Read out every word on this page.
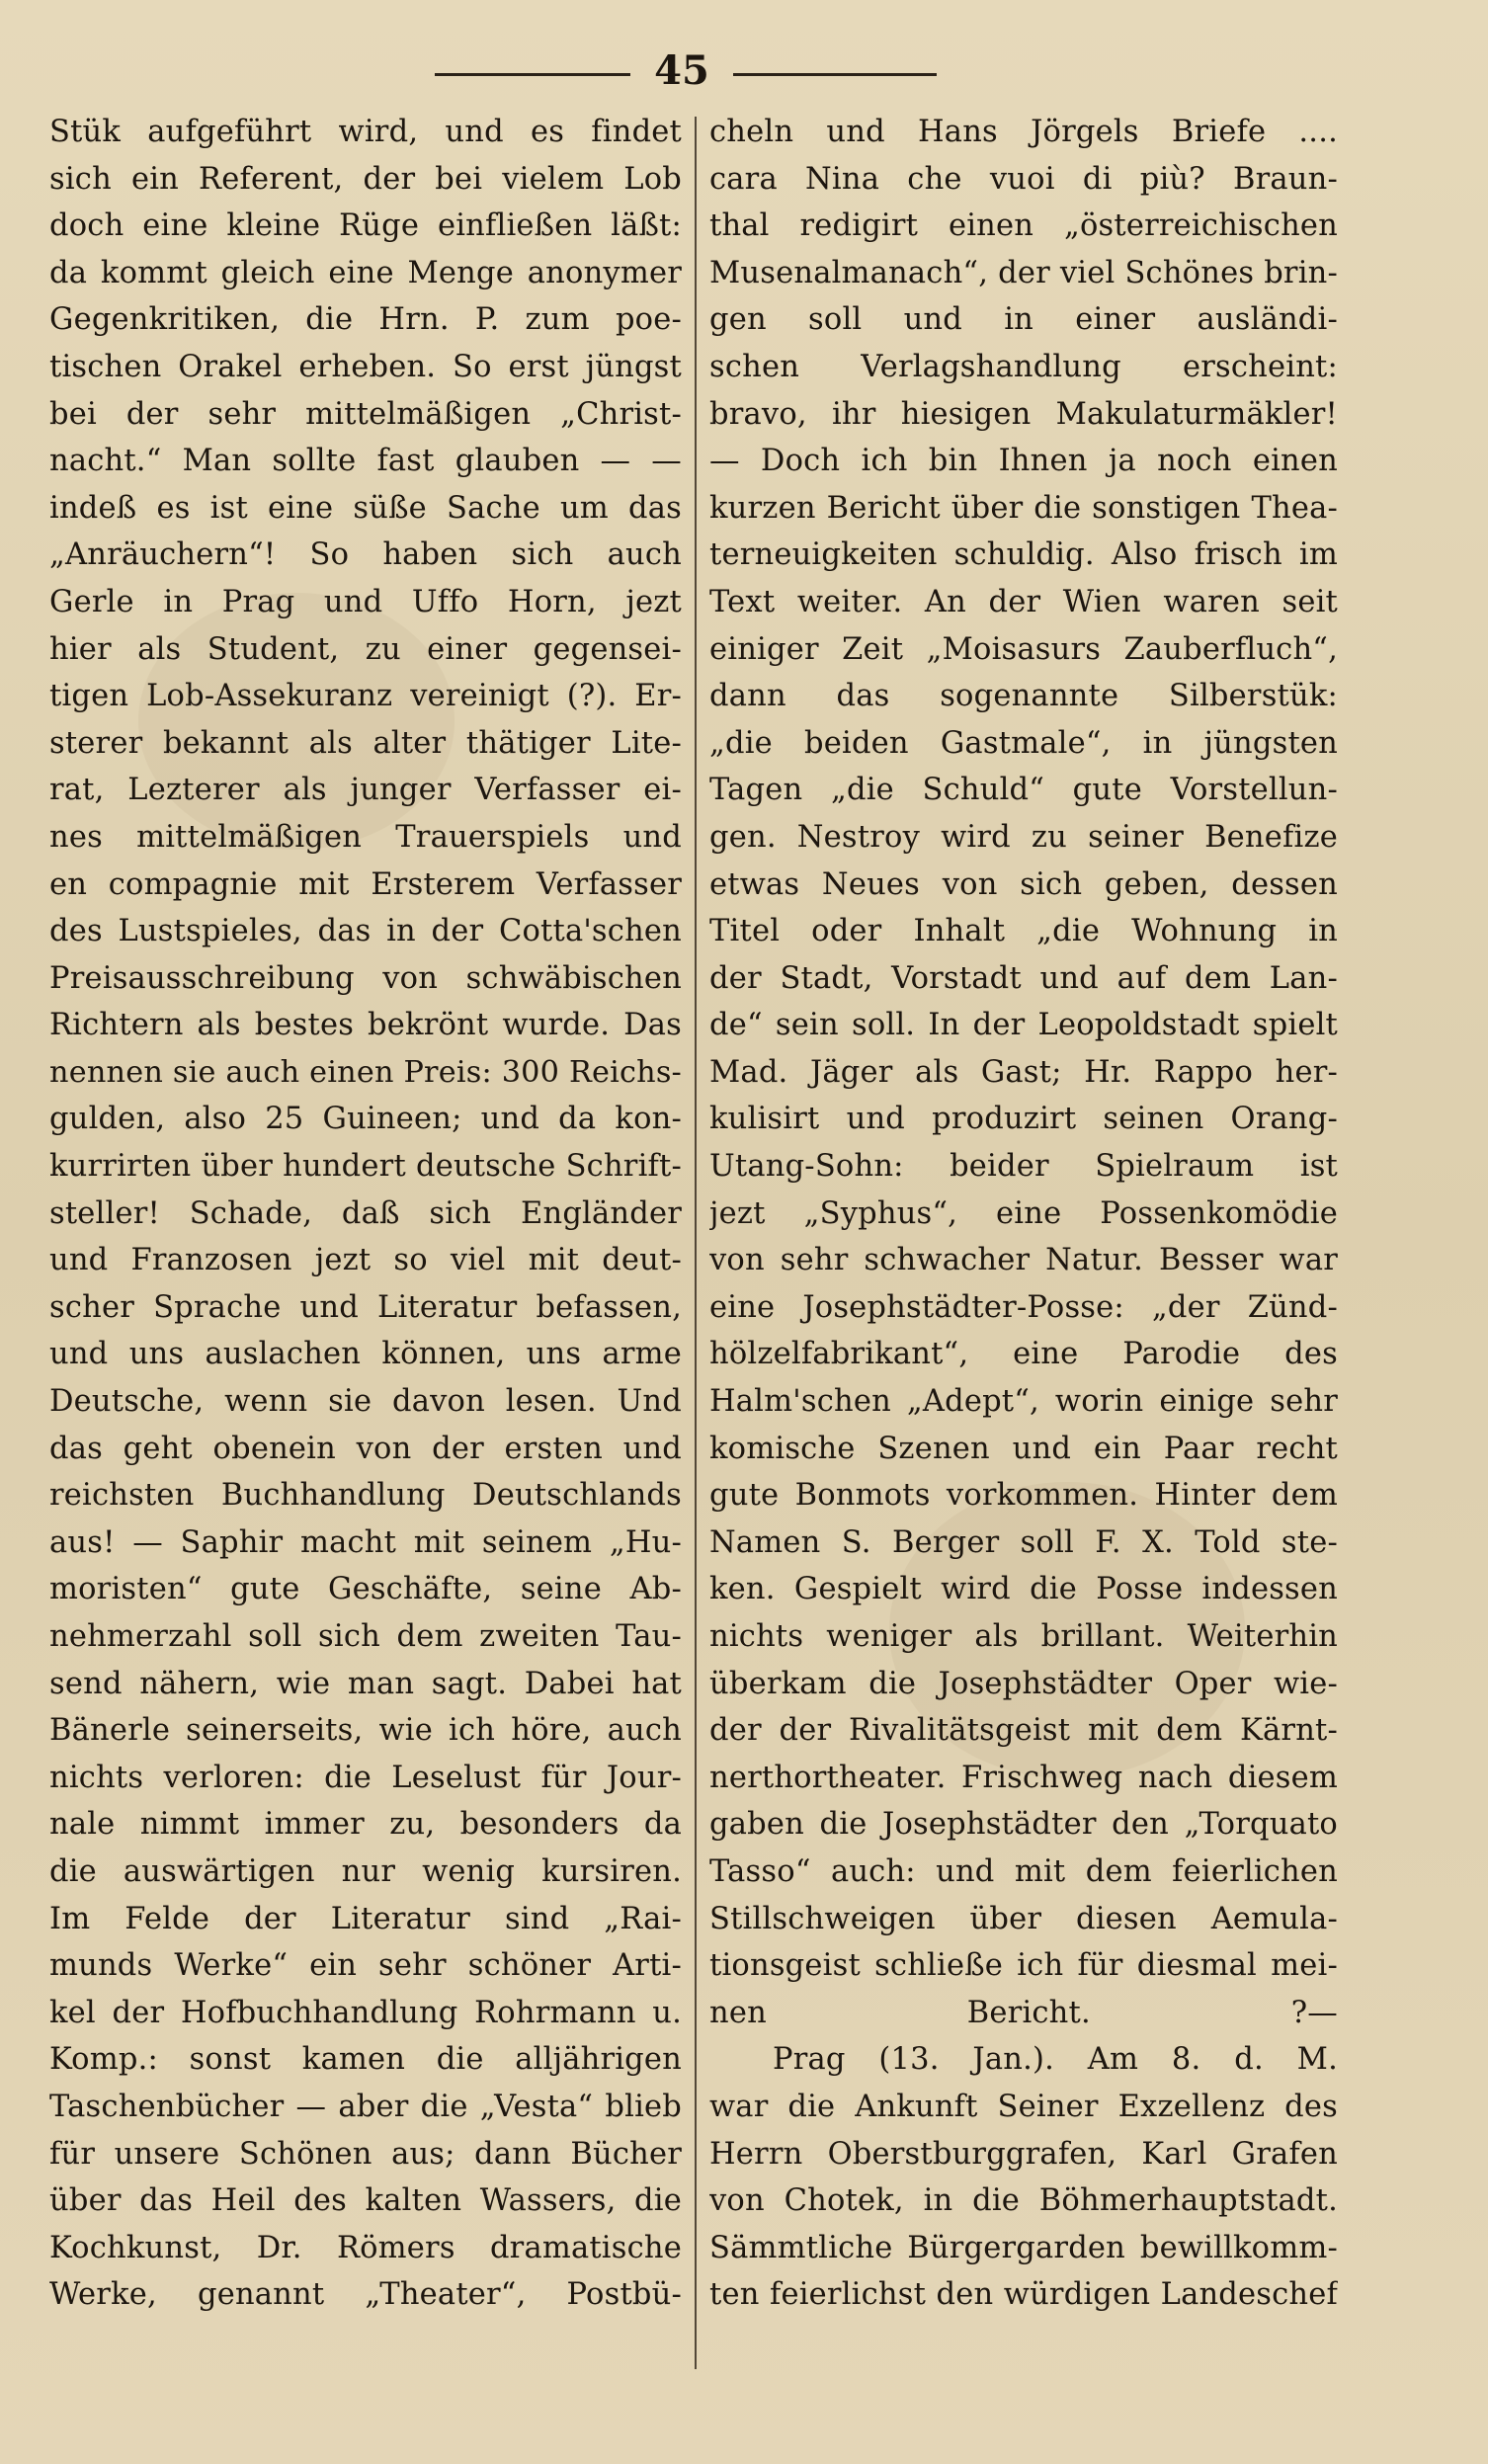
45
Stük aufgeführt wird, und es findet
sich ein Referent, der bei vielem Lob
doch eine kleine Rüge einfließen läßt:
da kommt gleich eine Menge anonymer
Gegenkritiken, die Hrn. P. zum poe-
tischen Orakel erheben. So erst jüngst
bei der sehr mittelmäßigen „Christ-
nacht.“ Man sollte fast glauben — —
indeß es ist eine süße Sache um das
„Anräuchern“! So haben sich auch
Gerle in Prag und Uffo Horn, jezt
hier als Student, zu einer gegensei-
tigen Lob-Assekuranz vereinigt (?). Er-
sterer bekannt als alter thätiger Lite-
rat, Lezterer als junger Verfasser ei-
nes mittelmäßigen Trauerspiels und
en compagnie mit Ersterem Verfasser
des Lustspieles, das in der Cotta'schen
Preisausschreibung von schwäbischen
Richtern als bestes bekrönt wurde. Das
nennen sie auch einen Preis: 300 Reichs-
gulden, also 25 Guineen; und da kon-
kurrirten über hundert deutsche Schrift-
steller! Schade, daß sich Engländer
und Franzosen jezt so viel mit deut-
scher Sprache und Literatur befassen,
und uns auslachen können, uns arme
Deutsche, wenn sie davon lesen. Und
das geht obenein von der ersten und
reichsten Buchhandlung Deutschlands
aus! — Saphir macht mit seinem „Hu-
moristen“ gute Geschäfte, seine Ab-
nehmerzahl soll sich dem zweiten Tau-
send nähern, wie man sagt. Dabei hat
Bänerle seinerseits, wie ich höre, auch
nichts verloren: die Leselust für Jour-
nale nimmt immer zu, besonders da
die auswärtigen nur wenig kursiren.
Im Felde der Literatur sind „Rai-
munds Werke“ ein sehr schöner Arti-
kel der Hofbuchhandlung Rohrmann u.
Komp.: sonst kamen die alljährigen
Taschenbücher — aber die „Vesta“ blieb
für unsere Schönen aus; dann Bücher
über das Heil des kalten Wassers, die
Kochkunst, Dr. Römers dramatische
Werke, genannt „Theater“, Postbü-
cheln und Hans Jörgels Briefe ....
cara Nina che vuoi di più? Braun-
thal redigirt einen „österreichischen
Musenalmanach“, der viel Schönes brin-
gen soll und in einer ausländi-
schen Verlagshandlung erscheint:
bravo, ihr hiesigen Makulaturmäkler!
— Doch ich bin Ihnen ja noch einen
kurzen Bericht über die sonstigen Thea-
terneuigkeiten schuldig. Also frisch im
Text weiter. An der Wien waren seit
einiger Zeit „Moisasurs Zauberfluch“,
dann das sogenannte Silberstük:
„die beiden Gastmale“, in jüngsten
Tagen „die Schuld“ gute Vorstellun-
gen. Nestroy wird zu seiner Benefize
etwas Neues von sich geben, dessen
Titel oder Inhalt „die Wohnung in
der Stadt, Vorstadt und auf dem Lan-
de“ sein soll. In der Leopoldstadt spielt
Mad. Jäger als Gast; Hr. Rappo her-
kulisirt und produzirt seinen Orang-
Utang-Sohn: beider Spielraum ist
jezt „Syphus“, eine Possenkomödie
von sehr schwacher Natur. Besser war
eine Josephstädter-Posse: „der Zünd-
hölzelfabrikant“, eine Parodie des
Halm'schen „Adept“, worin einige sehr
komische Szenen und ein Paar recht
gute Bonmots vorkommen. Hinter dem
Namen S. Berger soll F. X. Told ste-
ken. Gespielt wird die Posse indessen
nichts weniger als brillant. Weiterhin
überkam die Josephstädter Oper wie-
der der Rivalitätsgeist mit dem Kärnt-
nerthortheater. Frischweg nach diesem
gaben die Josephstädter den „Torquato
Tasso“ auch: und mit dem feierlichen
Stillschweigen über diesen Aemula-
tionsgeist schließe ich für diesmal mei-
nen Bericht. ?—
Prag (13. Jan.). Am 8. d. M.
war die Ankunft Seiner Exzellenz des
Herrn Oberstburggrafen, Karl Grafen
von Chotek, in die Böhmerhauptstadt.
Sämmtliche Bürgergarden bewillkomm-
ten feierlichst den würdigen Landeschef
